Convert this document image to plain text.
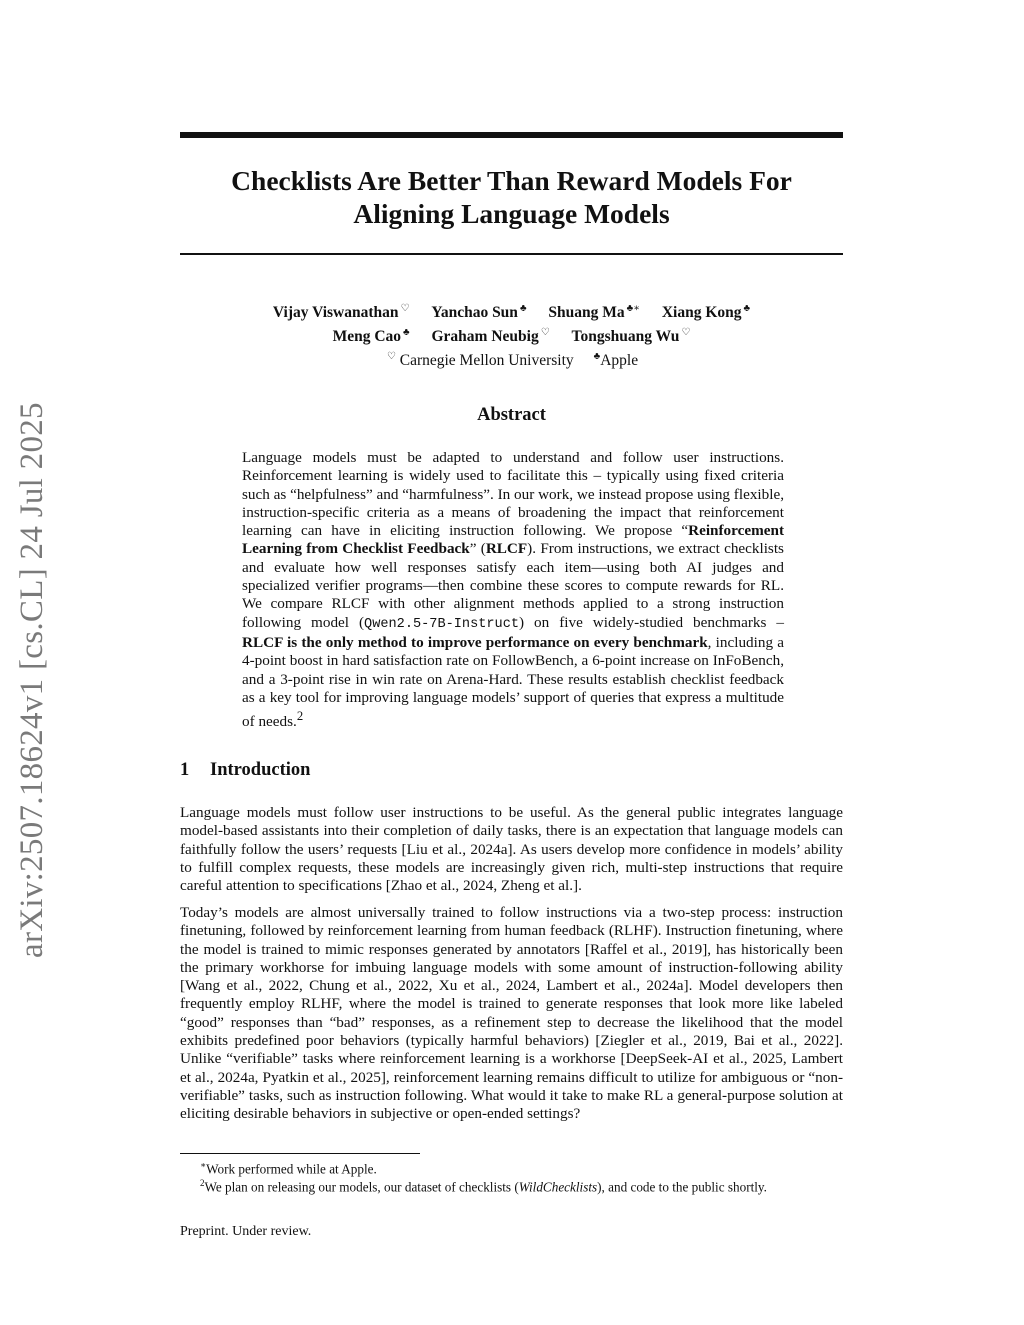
arXiv:2507.18624v1 [cs.CL] 24 Jul 2025
Checklists Are Better Than Reward Models For
Aligning Language Models
Vijay Viswanathan ♡ Yanchao Sun ♣ Shuang Ma ♣∗ Xiang Kong ♣
Meng Cao ♣ Graham Neubig ♡ Tongshuang Wu ♡
♡ Carnegie Mellon University ♣Apple
Abstract

Language models must be adapted to understand and follow user instructions. Reinforcement learning is widely used to facilitate this – typically using fixed criteria such as “helpfulness” and “harmfulness”. In our work, we instead propose using flexible, instruction-specific criteria as a means of broadening the impact that reinforcement learning can have in eliciting instruction following. We propose “Reinforcement Learning from Checklist Feedback” (RLCF). From instructions, we extract checklists and evaluate how well responses satisfy each item—using both AI judges and specialized verifier programs—then combine these scores to compute rewards for RL. We compare RLCF with other alignment methods applied to a strong instruction following model (Qwen2.5-7B-Instruct) on five widely-studied benchmarks – RLCF is the only method to improve performance on every benchmark, including a 4-point boost in hard satisfaction rate on FollowBench, a 6-point increase on InFoBench, and a 3-point rise in win rate on Arena-Hard. These results establish checklist feedback as a key tool for improving language models’ support of queries that express a multitude of needs.$^2$

1 Introduction

Language models must follow user instructions to be useful. As the general public integrates language model-based assistants into their completion of daily tasks, there is an expectation that language models can faithfully follow the users’ requests [Liu et al., 2024a]. As users develop more confidence in models’ ability to fulfill complex requests, these models are increasingly given rich, multi-step instructions that require careful attention to specifications [Zhao et al., 2024, Zheng et al.].

Today’s models are almost universally trained to follow instructions via a two-step process: instruction finetuning, followed by reinforcement learning from human feedback (RLHF). Instruction finetuning, where the model is trained to mimic responses generated by annotators [Raffel et al., 2019], has historically been the primary workhorse for imbuing language models with some amount of instruction-following ability [Wang et al., 2022, Chung et al., 2022, Xu et al., 2024, Lambert et al., 2024a]. Model developers then frequently employ RLHF, where the model is trained to generate responses that look more like labeled “good” responses than “bad” responses, as a refinement step to decrease the likelihood that the model exhibits predefined poor behaviors (typically harmful behaviors) [Ziegler et al., 2019, Bai et al., 2022]. Unlike “verifiable” tasks where reinforcement learning is a workhorse [DeepSeek-AI et al., 2025, Lambert et al., 2024a, Pyatkin et al., 2025], reinforcement learning remains difficult to utilize for ambiguous or “non-verifiable” tasks, such as instruction following. What would it take to make RL a general-purpose solution at eliciting desirable behaviors in subjective or open-ended settings?

∗Work performed while at Apple.

$^2$We plan on releasing our models, our dataset of checklists (WildChecklists), and code to the public shortly.

Preprint. Under review.
